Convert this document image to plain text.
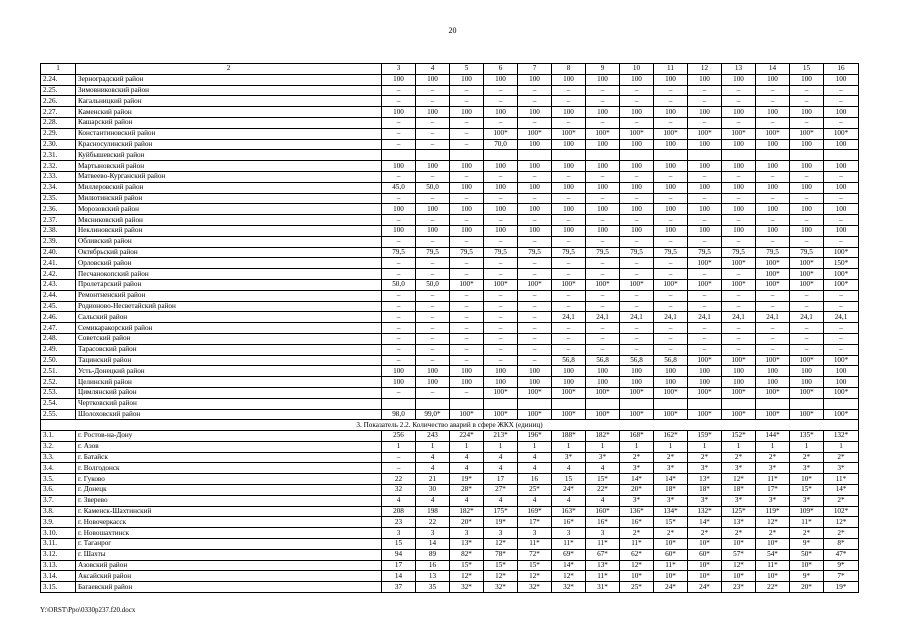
20
1	2	3	4	5	6	7	8	9	10	11	12	13	14	15	16
2.24.	Зерноградский район	100	100	100	100	100	100	100	100	100	100	100	100	100	100
2.25.	Зимовниковский район	–	–	–	–	–	–	–	–	–	–	–	–	–	–
2.26.	Кагальницкий район	–	–	–	–	–	–	–	–	–	–	–	–	–	–
2.27.	Каменский район	100	100	100	100	100	100	100	100	100	100	100	100	100	100
2.28.	Кашарский район	–	–	–	–	–	–	–	–	–	–	–	–	–	–
2.29.	Константиновский район	–	–	–	100*	100*	100*	100*	100*	100*	100*	100*	100*	100*	100*
2.30.	Красносулинский район	–	–	–	70,0	100	100	100	100	100	100	100	100	100	100
2.31.	Куйбышевский район														
2.32.	Мартыновский район	100	100	100	100	100	100	100	100	100	100	100	100	100	100
2.33.	Матвеево-Курганский район	–	–	–	–	–	–	–	–	–	–	–	–	–	–
2.34.	Миллеровский район	45,0	50,0	100	100	100	100	100	100	100	100	100	100	100	100
2.35.	Милютинский район	–	–	–	–	–	–	–	–	–	–	–	–	–	–
2.36.	Морозовский район	100	100	100	100	100	100	100	100	100	100	100	100	100	100
2.37.	Мясниковский район	–	–	–	–	–	–	–	–	–	–	–	–	–	–
2.38.	Неклиновский район	100	100	100	100	100	100	100	100	100	100	100	100	100	100
2.39.	Обливский район	–	–	–	–	–	–	–	–	–	–	–	–	–	–
2.40.	Октябрьский район	79,5	79,5	79,5	79,5	79,5	79,5	79,5	79,5	79,5	79,5	79,5	79,5	79,5	100*
2.41.	Орловский район	–	–	–	–	–	–	–	–	–	100*	100*	100*	100*	150*
2.42.	Песчанокопский район	–	–	–	–	–	–	–	–	–	–	–	100*	100*	100*
2.43.	Пролетарский район	50,0	50,0	100*	100*	100*	100*	100*	100*	100*	100*	100*	100*	100*	100*
2.44.	Ремонтненский район	–	–	–	–	–	–	–	–	–	–	–	–	–	–
2.45.	Родионово-Несветайский район	–	–	–	–	–	–	–	–	–	–	–	–	–	–
2.46.	Сальский район	–	–	–	–	–	24,1	24,1	24,1	24,1	24,1	24,1	24,1	24,1	24,1
2.47.	Семикаракорский район	–	–	–	–	–	–	–	–	–	–	–	–	–	–
2.48.	Советский район	–	–	–	–	–	–	–	–	–	–	–	–	–	–
2.49.	Тарасовский район	–	–	–	–	–	–	–	–	–	–	–	–	–	–
2.50.	Тацинский район	–	–	–	–	–	56,8	56,8	56,8	56,8	100*	100*	100*	100*	100*
2.51.	Усть-Донецкий район	100	100	100	100	100	100	100	100	100	100	100	100	100	100
2.52.	Целинский район	100	100	100	100	100	100	100	100	100	100	100	100	100	100
2.53.	Цимлянский район	–	–	–	100*	100*	100*	100*	100*	100*	100*	100*	100*	100*	100*
2.54.	Чертковский район														
2.55.	Шолоховский район	98,0	99,0*	100*	100*	100*	100*	100*	100*	100*	100*	100*	100*	100*	100*
3. Показатель 2.2. Количество аварий в сфере ЖКХ (единиц)															
3.1.	г. Ростов-на-Дону	256	243	224*	213*	196*	188*	182*	168*	162*	159*	152*	144*	135*	132*
3.2.	г. Азов	1	1	1	1	1	1	1	1	1	1	1	1	1	1
3.3.	г. Батайск	–	4	4	4	4	3*	3*	2*	2*	2*	2*	2*	2*	2*
3.4.	г. Волгодонск	–	4	4	4	4	4	4	3*	3*	3*	3*	3*	3*	3*
3.5.	г. Гуково	22	21	19*	17	16	15	15*	14*	14*	13*	12*	11*	10*	11*
3.6.	г. Донецк	32	30	28*	27*	25*	24*	22*	20*	18*	18*	18*	17*	15*	14*
3.7.	г. Зверево	4	4	4	4	4	4	4	3*	3*	3*	3*	3*	3*	2*
3.8.	г. Каменск-Шахтинский	208	198	182*	175*	169*	163*	160*	136*	134*	132*	125*	119*	109*	102*
3.9.	г. Новочеркасск	23	22	20*	19*	17*	16*	16*	16*	15*	14*	13*	12*	11*	12*
3.10.	г. Новошахтинск	3	3	3	3	3	3	3	2*	2*	2*	2*	2*	2*	2*
3.11.	г. Таганрог	15	14	13*	12*	11*	11*	11*	11*	10*	10*	10*	10*	9*	8*
3.12.	г. Шахты	94	89	82*	78*	72*	69*	67*	62*	60*	60*	57*	54*	50*	47*
3.13.	Азовский район	17	16	15*	15*	15*	14*	13*	12*	11*	10*	12*	11*	10*	9*
3.14.	Аксайский район	14	13	12*	12*	12*	12*	11*	10*	10*	10*	10*	10*	9*	7*
3.15.	Багаевский район	37	35	32*	32*	32*	32*	31*	25*	24*	24*	23*	22*	20*	19*
Y:\ORST\Ppo\0330p237.f20.docx
